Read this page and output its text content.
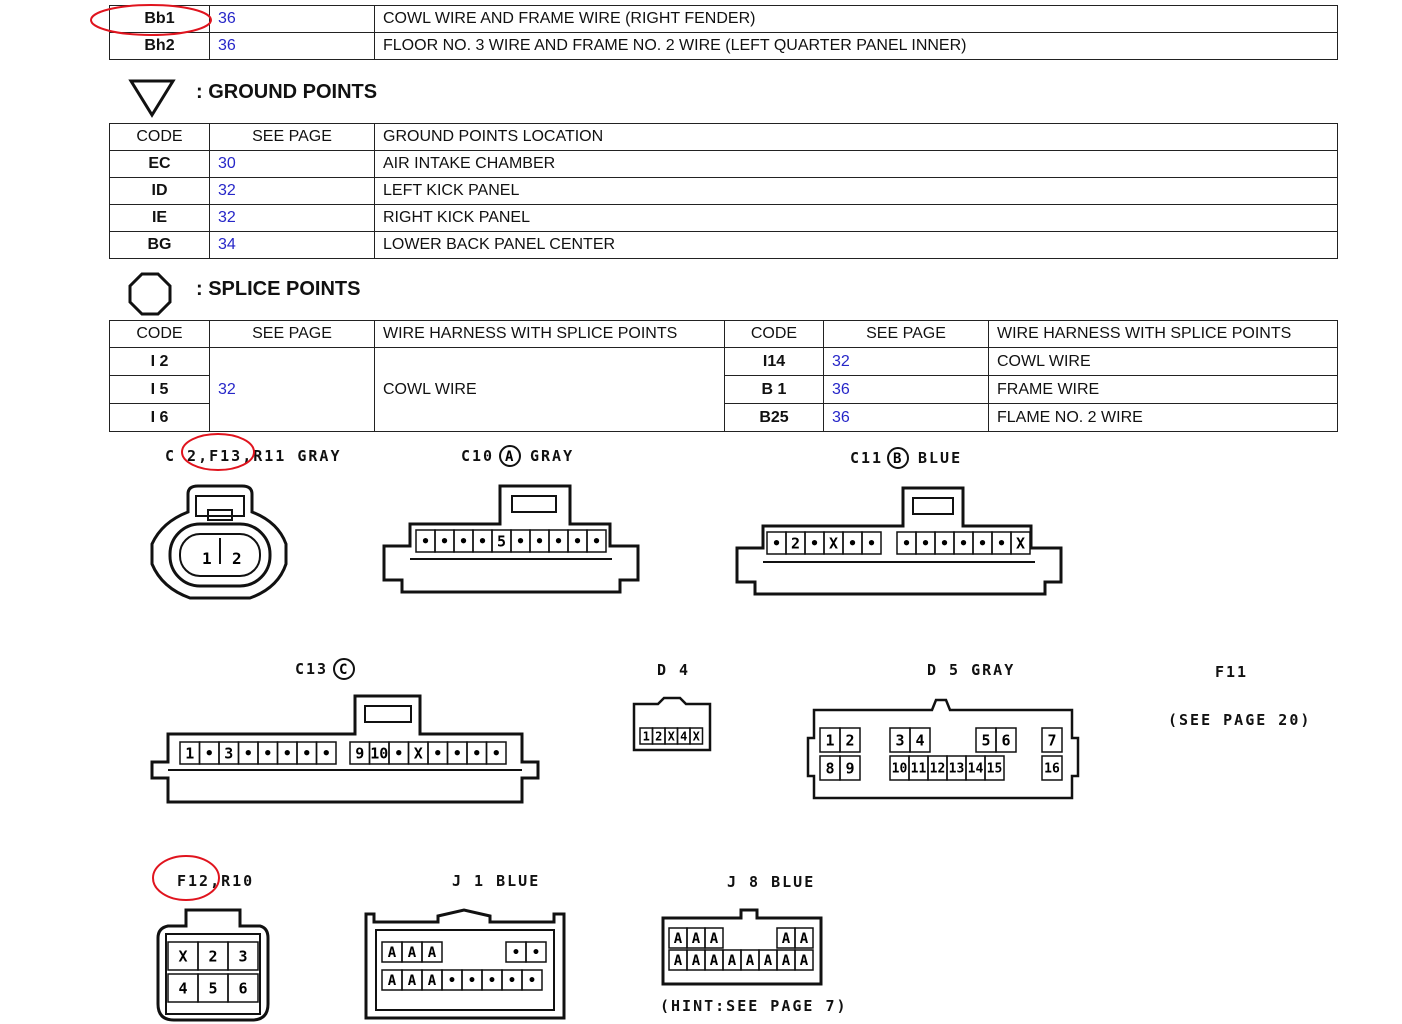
Bb1	36	COWL WIRE AND FRAME WIRE (RIGHT FENDER)
Bh2	36	FLOOR NO. 3 WIRE AND FRAME NO. 2 WIRE (LEFT QUARTER PANEL INNER)
: GROUND POINTS
CODE	SEE PAGE	GROUND POINTS LOCATION
EC	30	AIR INTAKE CHAMBER
ID	32	LEFT KICK PANEL
IE	32	RIGHT KICK PANEL
BG	34	LOWER BACK PANEL CENTER
: SPLICE POINTS
CODE	SEE PAGE	WIRE HARNESS WITH SPLICE POINTS	CODE	SEE PAGE	WIRE HARNESS WITH SPLICE POINTS
I 2	32	COWL WIRE	I14	32	COWL WIRE
I 5			B 1	36	FRAME WIRE
I 6			B25	36	FLAME NO. 2 WIRE
C 2,F13,R11 GRAY
1 2
C10 A GRAY
• • • • 5 • • • • •
C11 B BLUE
• 2 • X • • • • • • • • X
C13 C
1 • 3 • • • • • 9 10 • X • • • •
D 4
1 2 X 4 X
D 5 GRAY
1 2	3 4	5 6 7
8 9	10 11 12 13 14 15	16
F11
(SEE PAGE 20)
F12,R10
X 2 3
4 5 6
J 1 BLUE
A A A	• •
A A A • • • • •
J 8 BLUE
A A A	A A
A A A A A A A A
(HINT:SEE PAGE 7)
